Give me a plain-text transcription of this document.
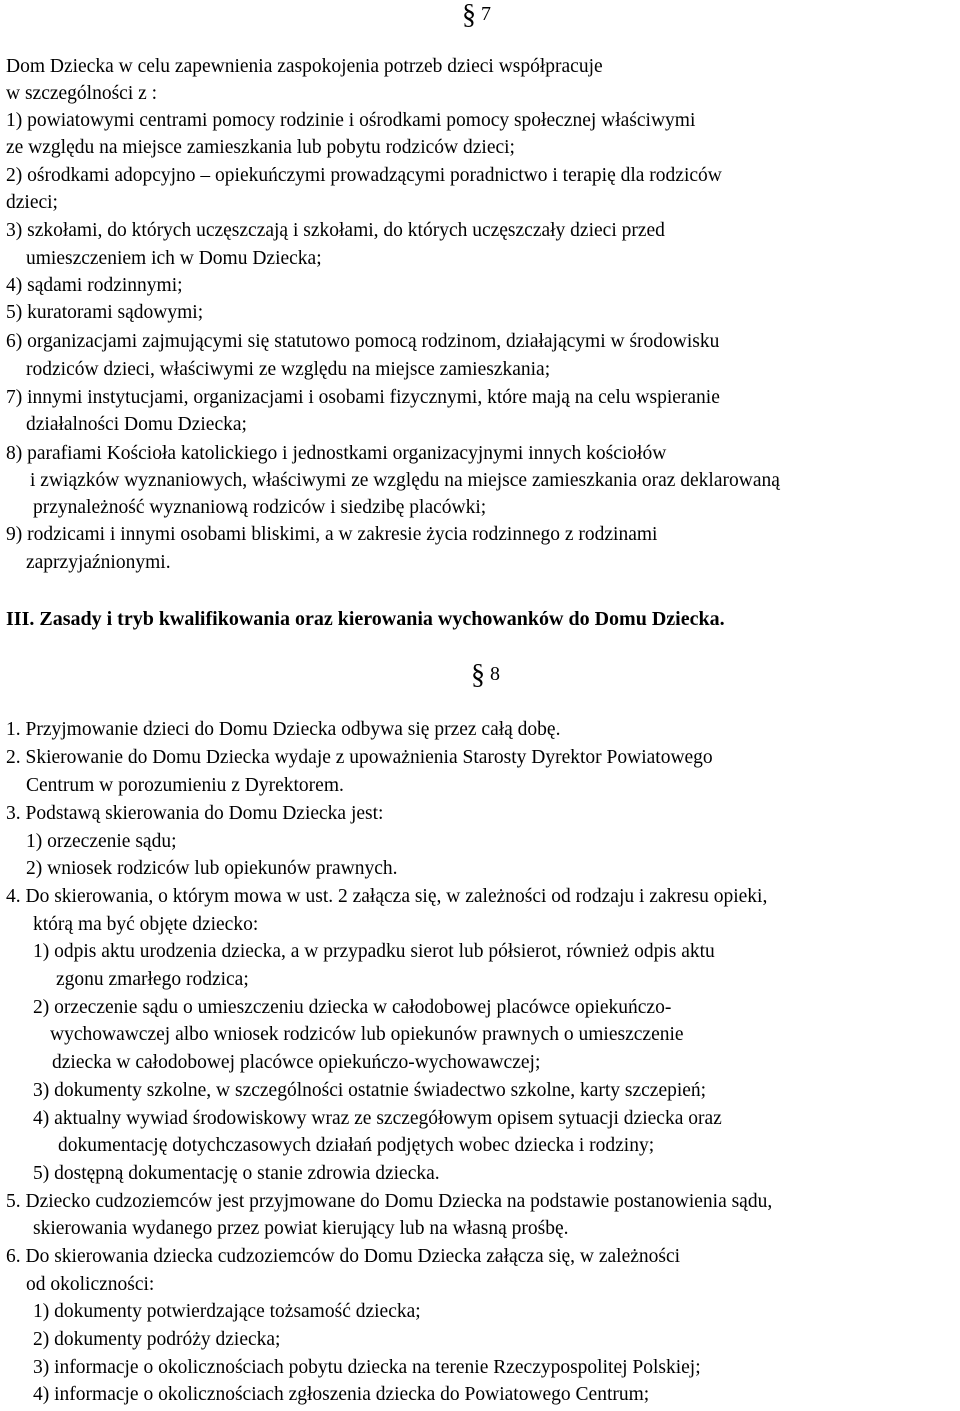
§ 7
Dom Dziecka w celu zapewnienia zaspokojenia potrzeb dzieci współpracuje
w szczególności z :
1) powiatowymi centrami pomocy rodzinie i ośrodkami pomocy społecznej właściwymi
ze względu na miejsce zamieszkania lub pobytu rodziców dzieci;
2) ośrodkami adopcyjno – opiekuńczymi prowadzącymi poradnictwo i terapię dla rodziców
dzieci;
3) szkołami, do których uczęszczają i szkołami, do których uczęszczały dzieci przed
umieszczeniem ich w Domu Dziecka;
4) sądami rodzinnymi;
5) kuratorami sądowymi;
6) organizacjami zajmującymi się statutowo pomocą rodzinom, działającymi w środowisku
rodziców dzieci, właściwymi ze względu na miejsce zamieszkania;
7) innymi instytucjami, organizacjami i osobami fizycznymi, które mają na celu wspieranie
działalności Domu Dziecka;
8) parafiami Kościoła katolickiego i jednostkami organizacyjnymi innych kościołów
i związków wyznaniowych, właściwymi ze względu na miejsce zamieszkania oraz deklarowaną
przynależność wyznaniową rodziców i siedzibę placówki;
9) rodzicami i innymi osobami bliskimi, a w zakresie życia rodzinnego z rodzinami
zaprzyjaźnionymi.
III. Zasady i tryb kwalifikowania oraz kierowania wychowanków do Domu Dziecka.
§ 8
1. Przyjmowanie dzieci do Domu Dziecka odbywa się przez całą dobę.
2. Skierowanie do Domu Dziecka wydaje z upoważnienia Starosty Dyrektor Powiatowego
Centrum w porozumieniu z Dyrektorem.
3. Podstawą skierowania do Domu Dziecka jest:
1) orzeczenie sądu;
2) wniosek rodziców lub opiekunów prawnych.
4. Do skierowania, o którym mowa w ust. 2 załącza się, w zależności od rodzaju i zakresu opieki,
którą ma być objęte dziecko:
1) odpis aktu urodzenia dziecka, a w przypadku sierot lub półsierot, również odpis aktu
zgonu zmarłego rodzica;
2) orzeczenie sądu o umieszczeniu dziecka w całodobowej placówce opiekuńczo-
wychowawczej albo wniosek rodziców lub opiekunów prawnych o umieszczenie
dziecka w całodobowej placówce opiekuńczo-wychowawczej;
3) dokumenty szkolne, w szczególności ostatnie świadectwo szkolne, karty szczepień;
4) aktualny wywiad środowiskowy wraz ze szczegółowym opisem sytuacji dziecka oraz
dokumentację dotychczasowych działań podjętych wobec dziecka i rodziny;
5) dostępną dokumentację o stanie zdrowia dziecka.
5. Dziecko cudzoziemców jest przyjmowane do Domu Dziecka na podstawie postanowienia sądu,
skierowania wydanego przez powiat kierujący lub na własną prośbę.
6. Do skierowania dziecka cudzoziemców do Domu Dziecka załącza się, w zależności
od okoliczności:
1) dokumenty potwierdzające tożsamość dziecka;
2) dokumenty podróży dziecka;
3) informacje o okolicznościach pobytu dziecka na terenie Rzeczypospolitej Polskiej;
4) informacje o okolicznościach zgłoszenia dziecka do Powiatowego Centrum;
